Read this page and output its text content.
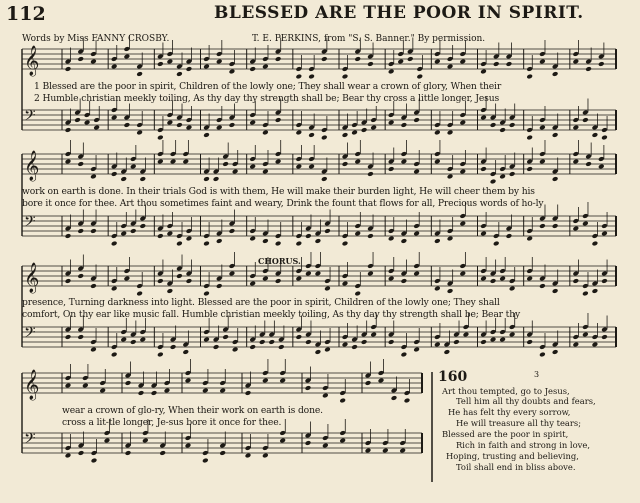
112	BLESSED ARE THE POOR IN SPIRIT.
Words by Miss FANNY CROSBY.	T. E. PERKINS, from "S. S. Banner." By permission.
𝄞
𝄢
𝄞
𝄢
𝄞
𝄢
𝄞
𝄢
1 Blessed are the poor in spirit, Children of the lowly one; They shall wear a crown of glory, When their
2 Humble christian meekly toiling, As thy day thy strength shall be; Bear thy cross a little longer, Jesus
work on earth is done. In their trials God is with them, He will make their burden light, He will cheer them by his
bore it once for thee. Art thou sometimes faint and weary, Drink the fount that flows for all, Precious words of ho-ly
CHORUS.
presence, Turning darkness into light. Blessed are the poor in spirit, Children of the lowly one; They shall
comfort, On thy ear like music fall. Humble christian meekly toiling, As thy day thy strength shall be; Bear thy
wear a crown of glo-ry, When their work on earth is done.
cross a lit-tle longer, Je-sus bore it once for thee.
160	3
Art thou tempted, go to Jesus,
Tell him all thy doubts and fears,
He has felt thy every sorrow,
He will treasure all thy tears;
Blessed are the poor in spirit,
Rich in faith and strong in love,
Hoping, trusting and believing,
Toil shall end in bliss above.
